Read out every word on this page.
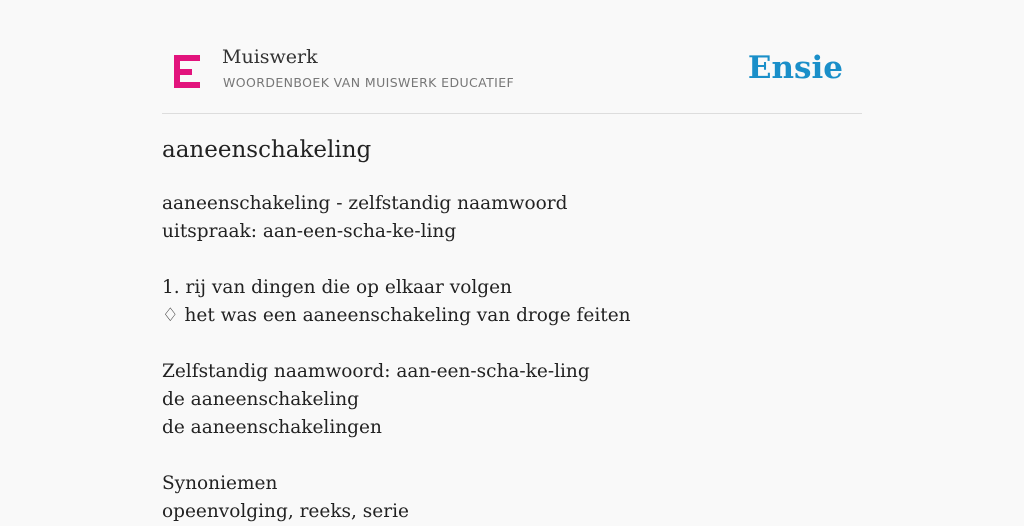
Muiswerk
WOORDENBOEK VAN MUISWERK EDUCATIEF	Ensie
aaneenschakeling
aaneenschakeling - zelfstandig naamwoord
uitspraak: aan-een-scha-ke-ling
1. rij van dingen die op elkaar volgen
♢ het was een aaneenschakeling van droge feiten
Zelfstandig naamwoord: aan-een-scha-ke-ling
de aaneenschakeling
de aaneenschakelingen
Synoniemen
opeenvolging, reeks, serie
